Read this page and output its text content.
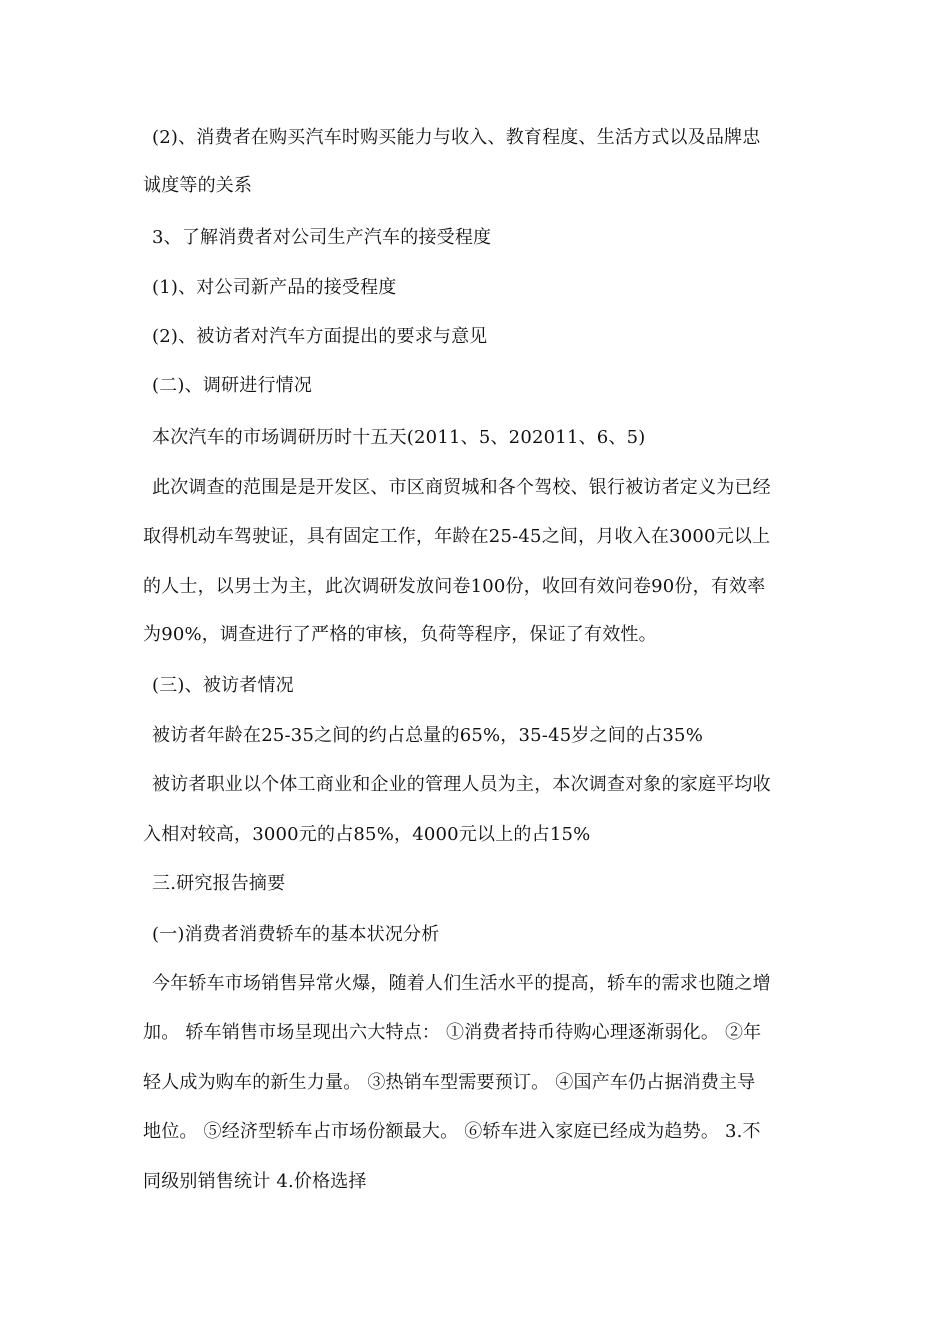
(2)、消费者在购买汽车时购买能力与收入、教育程度、生活方式以及品牌忠
诚度等的关系
3、了解消费者对公司生产汽车的接受程度
(1)、对公司新产品的接受程度
(2)、被访者对汽车方面提出的要求与意见
(二)、调研进行情况
本次汽车的市场调研历时十五天(2011、5、202011、6、5)
此次调查的范围是是开发区、市区商贸城和各个驾校、银行被访者定义为已经
取得机动车驾驶证，具有固定工作，年龄在25-45之间，月收入在3000元以上
的人士，以男士为主，此次调研发放问卷100份，收回有效问卷90份，有效率
为90%，调查进行了严格的审核，负荷等程序，保证了有效性。
(三)、被访者情况
被访者年龄在25-35之间的约占总量的65%，35-45岁之间的占35%
被访者职业以个体工商业和企业的管理人员为主，本次调查对象的家庭平均收
入相对较高，3000元的占85%，4000元以上的占15%
三.研究报告摘要
(一)消费者消费轿车的基本状况分析
今年轿车市场销售异常火爆，随着人们生活水平的提高，轿车的需求也随之增
加。 轿车销售市场呈现出六大特点： ①消费者持币待购心理逐渐弱化。 ②年
轻人成为购车的新生力量。 ③热销车型需要预订。 ④国产车仍占据消费主导
地位。 ⑤经济型轿车占市场份额最大。 ⑥轿车进入家庭已经成为趋势。 3.不
同级别销售统计 4.价格选择
